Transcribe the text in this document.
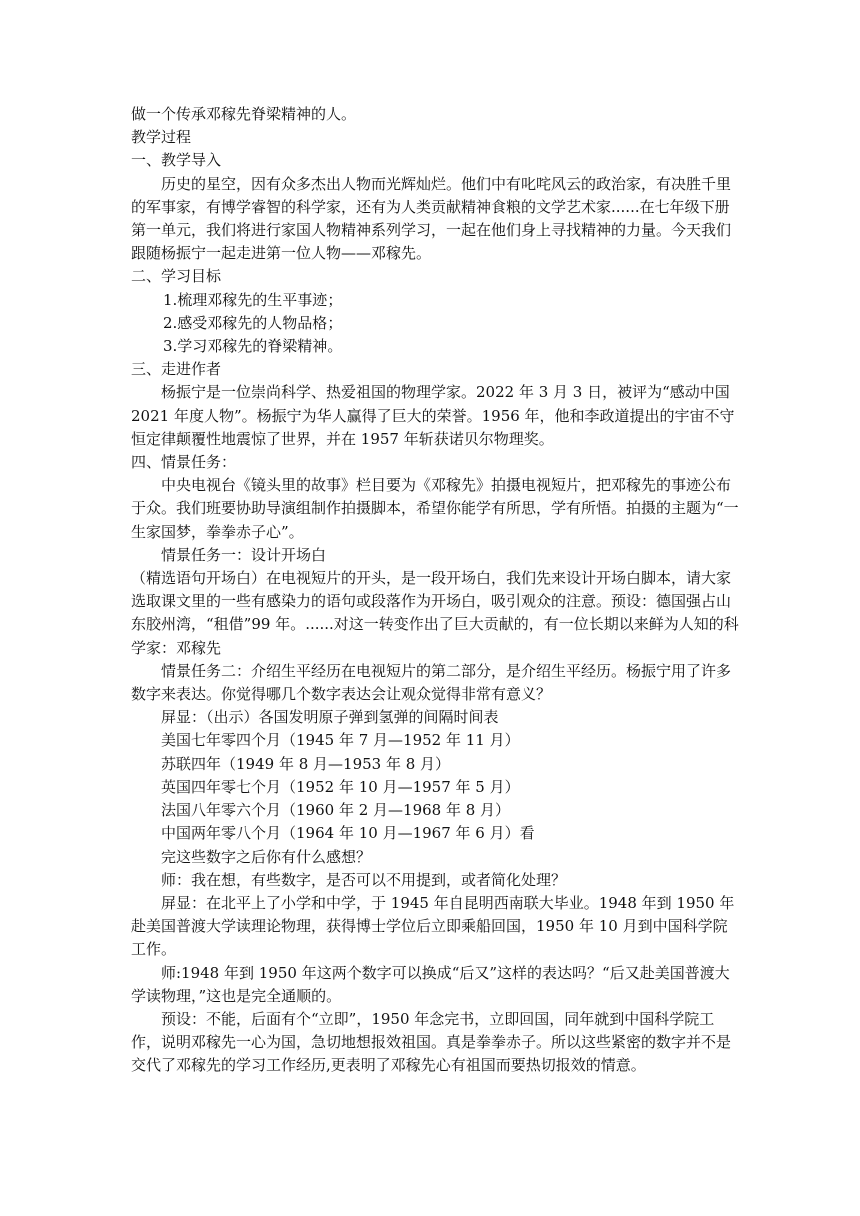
做一个传承邓稼先脊梁精神的人。

教学过程

一、教学导入

历史的星空，因有众多杰出人物而光辉灿烂。他们中有叱咤风云的政治家，有决胜千里的军事家，有博学睿智的科学家，还有为人类贡献精神食粮的文学艺术家......在七年级下册第一单元，我们将进行家国人物精神系列学习，一起在他们身上寻找精神的力量。今天我们跟随杨振宁一起走进第一位人物——邓稼先。

二、学习目标

1.梳理邓稼先的生平事迹；

2.感受邓稼先的人物品格；

3.学习邓稼先的脊梁精神。

三、走进作者

杨振宁是一位崇尚科学、热爱祖国的物理学家。2022 年 3 月 3 日，被评为“感动中国 2021 年度人物”。杨振宁为华人赢得了巨大的荣誉。1956 年，他和李政道提出的宇宙不守恒定律颠覆性地震惊了世界，并在 1957 年斩获诺贝尔物理奖。

四、情景任务：

中央电视台《镜头里的故事》栏目要为《邓稼先》拍摄电视短片，把邓稼先的事迹公布于众。我们班要协助导演组制作拍摄脚本，希望你能学有所思，学有所悟。拍摄的主题为“一生家国梦，拳拳赤子心”。

情景任务一：设计开场白

（精选语句开场白）在电视短片的开头，是一段开场白，我们先来设计开场白脚本，请大家选取课文里的一些有感染力的语句或段落作为开场白，吸引观众的注意。预设：德国强占山东胶州湾，“租借”99 年。......对这一转变作出了巨大贡献的，有一位长期以来鲜为人知的科学家：邓稼先

情景任务二：介绍生平经历在电视短片的第二部分，是介绍生平经历。杨振宁用了许多数字来表达。你觉得哪几个数字表达会让观众觉得非常有意义？

屏显：（出示）各国发明原子弹到氢弹的间隔时间表

美国七年零四个月（1945 年 7 月—1952 年 11 月）

苏联四年（1949 年 8 月—1953 年 8 月）

英国四年零七个月（1952 年 10 月—1957 年 5 月）

法国八年零六个月（1960 年 2 月—1968 年 8 月）

中国两年零八个月（1964 年 10 月—1967 年 6 月）看

完这些数字之后你有什么感想？

师：我在想，有些数字，是否可以不用提到，或者简化处理？

屏显：在北平上了小学和中学，于 1945 年自昆明西南联大毕业。1948 年到 1950 年赴美国普渡大学读理论物理，获得博士学位后立即乘船回国，1950 年 10 月到中国科学院工作。

师:1948 年到 1950 年这两个数字可以换成“后又”这样的表达吗？“后又赴美国普渡大学读物理，”这也是完全通顺的。

预设：不能，后面有个“立即”，1950 年念完书，立即回国，同年就到中国科学院工作，说明邓稼先一心为国，急切地想报效祖国。真是拳拳赤子。所以这些紧密的数字并不是交代了邓稼先的学习工作经历,更表明了邓稼先心有祖国而要热切报效的情意。
